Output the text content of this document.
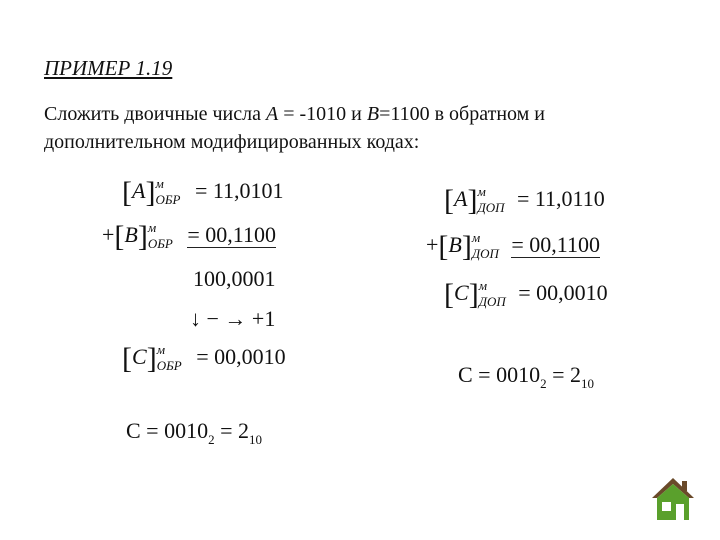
ПРИМЕР 1.19
Сложить двоичные числа A = -1010 и B=1100 в обратном и дополнительном модифицированных кодах:
[A] м
ОБР = 11,0101
+[B] м
ОБР = 00,1100
100,0001
↓ − → +1
[C] м
ОБР = 00,0010
$C = 0010_2 = 2_{10}$
[A] м
ДОП = 11,0110
+[B] м
ДОП = 00,1100
[C] м
ДОП = 00,0010
$C = 0010_2 = 2_{10}$
